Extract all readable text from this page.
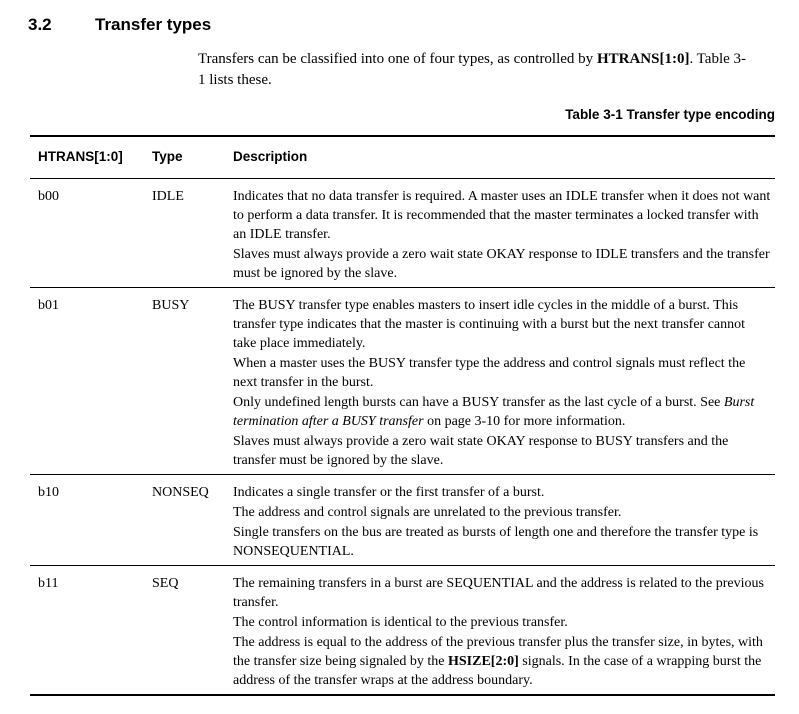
3.2	Transfer types

Transfers can be classified into one of four types, as controlled by HTRANS[1:0]. Table 3-1 lists these.

Table 3-1 Transfer type encoding
HTRANS[1:0]	Type	Description
b00	IDLE	Indicates that no data transfer is required. A master uses an IDLE transfer when it does not want to perform a data transfer. It is recommended that the master terminates a locked transfer with an IDLE transfer.

Slaves must always provide a zero wait state OKAY response to IDLE transfers and the transfer must be ignored by the slave.

b01	BUSY	The BUSY transfer type enables masters to insert idle cycles in the middle of a burst. This transfer type indicates that the master is continuing with a burst but the next transfer cannot take place immediately.

When a master uses the BUSY transfer type the address and control signals must reflect the next transfer in the burst.

Only undefined length bursts can have a BUSY transfer as the last cycle of a burst. See Burst termination after a BUSY transfer on page 3-10 for more information.

Slaves must always provide a zero wait state OKAY response to BUSY transfers and the transfer must be ignored by the slave.

b10	NONSEQ	Indicates a single transfer or the first transfer of a burst.

The address and control signals are unrelated to the previous transfer.

Single transfers on the bus are treated as bursts of length one and therefore the transfer type is NONSEQUENTIAL.

b11	SEQ	The remaining transfers in a burst are SEQUENTIAL and the address is related to the previous transfer.

The control information is identical to the previous transfer.

The address is equal to the address of the previous transfer plus the transfer size, in bytes, with the transfer size being signaled by the HSIZE[2:0] signals. In the case of a wrapping burst the address of the transfer wraps at the address boundary.
